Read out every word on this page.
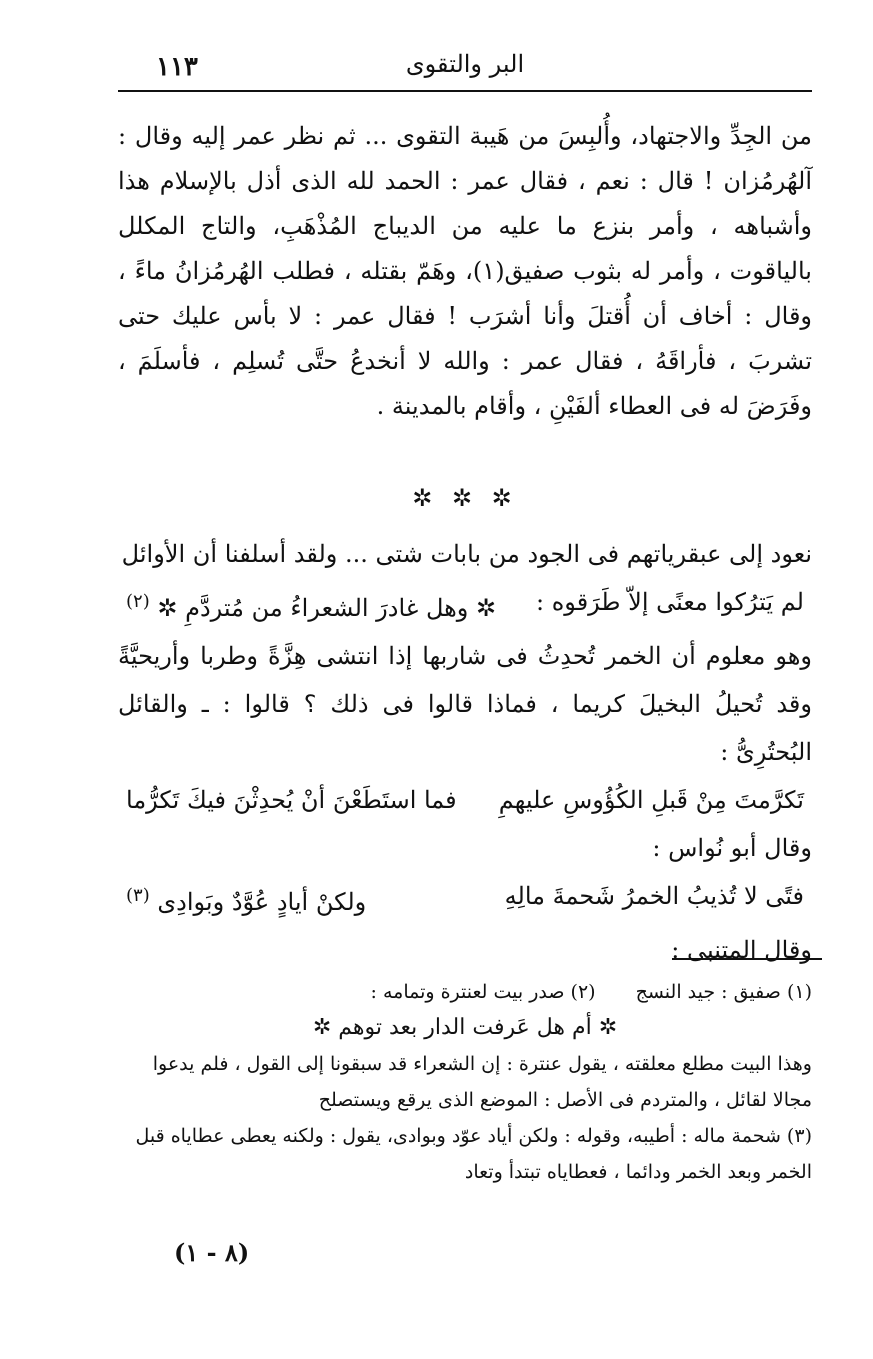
البر والتقوى
١١٣

من الجِدِّ والاجتهاد، وأُلبِسَ من هَيبة التقوى ... ثم نظر عمر إليه وقال : آلهُرمُزان ! قال : نعم ، فقال عمر : الحمد لله الذى أذل بالإسلام هذا وأشباهه ، وأمر بنزع ما عليه من الديباج المُذْهَبِ، والتاج المكلل بالياقوت ، وأمر له بثوب صفيق(١)، وهَمّ بقتله ، فطلب الهُرمُزانُ ماءً ، وقال : أخاف أن أُقتلَ وأنا أشرَب ! فقال عمر : لا بأس عليك حتى تشربَ ، فأراقَهُ ، فقال عمر : والله لا أنخدعُ حتَّى تُسلِم ، فأسلَمَ ، وفَرَضَ له فى العطاء ألفَيْنِ ، وأقام بالمدينة .

✲ ✲ ✲

نعود إلى عبقرياتهم فى الجود من بابات شتى ... ولقد أسلفنا أن الأوائل

لم يَترُكوا معنًى إلاّ طَرَقوه :
✲ وهل غادرَ الشعراءُ من مُتردَّمِ ✲ $^{(٢)}$

وهو معلوم أن الخمر تُحدِثُ فى شاربها إذا انتشى هِزَّةً وطربا وأريحيَّةً وقد تُحيلُ البخيلَ كريما ، فماذا قالوا فى ذلك ؟ قالوا : ـ والقائل البُحتُرِىُّ :

تَكرَّمتَ مِنْ قَبلِ الكُؤُوسِ عليهمِ
فما استَطَعْنَ أنْ يُحدِثْنَ فيكَ تَكرُّما

وقال أبو نُواس :

فتًى لا تُذيبُ الخمرُ شَحمةَ مالِهِ
ولكنْ أيادٍ عُوَّدٌ وبَوادِى $^{(٣)}$

وقال المتنبى :

(١) صفيق : جيد النسج
(٢) صدر بيت لعنترة وتمامه :

✲ أم هل عَرفت الدار بعد توهم ✲

وهذا البيت مطلع معلقته ، يقول عنترة : إن الشعراء قد سبقونا إلى القول ، فلم يدعوا مجالا لقائل ، والمتردم فى الأصل : الموضع الذى يرقع ويستصلح

(٣) شحمة ماله : أطيبه، وقوله : ولكن أياد عوّد وبوادى، يقول : ولكنه يعطى عطاياه قبل الخمر وبعد الخمر ودائما ، فعطاياه تبتدأ وتعاد

(٨ - ١)
